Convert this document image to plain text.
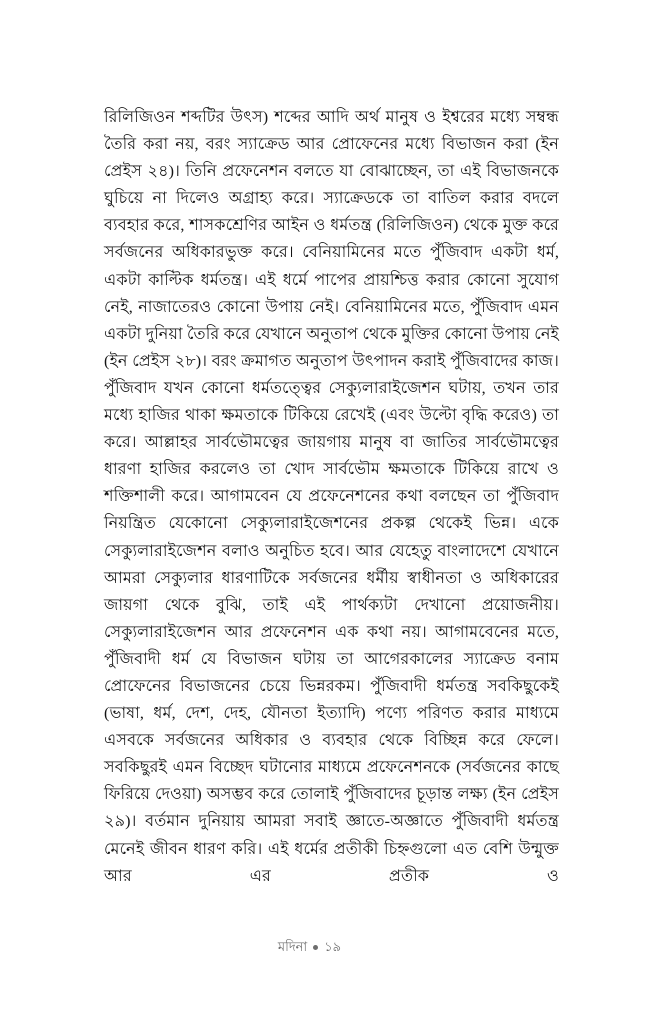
রিলিজিওন শব্দটির উৎস) শব্দের আদি অর্থ মানুষ ও ইশ্বরের মধ্যে সম্বন্ধ তৈরি করা নয়, বরং স্যাক্রেড আর প্রোফেনের মধ্যে বিভাজন করা (ইন প্রেইস ২৪)। তিনি প্রফেনেশন বলতে যা বোঝাচ্ছেন, তা এই বিভাজনকে ঘুচিয়ে না দিলেও অগ্রাহ্য করে। স্যাক্রেডকে তা বাতিল করার বদলে ব্যবহার করে, শাসকশ্রেণির আইন ও ধর্মতন্ত্র (রিলিজিওন) থেকে মুক্ত করে সর্বজনের অধিকারভুক্ত করে। বেনিয়ামিনের মতে পুঁজিবাদ একটা ধর্ম, একটা কাল্টিক ধর্মতন্ত্র। এই ধর্মে পাপের প্রায়শ্চিত্ত করার কোনো সুযোগ নেই, নাজাতেরও কোনো উপায় নেই। বেনিয়ামিনের মতে, পুঁজিবাদ এমন একটা দুনিয়া তৈরি করে যেখানে অনুতাপ থেকে মুক্তির কোনো উপায় নেই (ইন প্রেইস ২৮)। বরং ক্রমাগত অনুতাপ উৎপাদন করাই পুঁজিবাদের কাজ। পুঁজিবাদ যখন কোনো ধর্মতত্ত্বের সেক্যুলারাইজেশন ঘটায়, তখন তার মধ্যে হাজির থাকা ক্ষমতাকে টিকিয়ে রেখেই (এবং উল্টো বৃদ্ধি করেও) তা করে। আল্লাহর সার্বভৌমত্বের জায়গায় মানুষ বা জাতির সার্বভৌমত্বের ধারণা হাজির করলেও তা খোদ সার্বভৌম ক্ষমতাকে টিকিয়ে রাখে ও শক্তিশালী করে। আগামবেন যে প্রফেনেশনের কথা বলছেন তা পুঁজিবাদ নিয়ন্ত্রিত যেকোনো সেক্যুলারাইজেশনের প্রকল্প থেকেই ভিন্ন। একে সেক্যুলারাইজেশন বলাও অনুচিত হবে। আর যেহেতু বাংলাদেশে যেখানে আমরা সেক্যুলার ধারণাটিকে সর্বজনের ধর্মীয় স্বাধীনতা ও অধিকারের জায়গা থেকে বুঝি, তাই এই পার্থক্যটা দেখানো প্রয়োজনীয়। সেক্যুলারাইজেশন আর প্রফেনেশন এক কথা নয়। আগামবেনের মতে, পুঁজিবাদী ধর্ম যে বিভাজন ঘটায় তা আগেরকালের স্যাক্রেড বনাম প্রোফেনের বিভাজনের চেয়ে ভিন্নরকম। পুঁজিবাদী ধর্মতন্ত্র সবকিছুকেই (ভাষা, ধর্ম, দেশ, দেহ, যৌনতা ইত্যাদি) পণ্যে পরিণত করার মাধ্যমে এসবকে সর্বজনের অধিকার ও ব্যবহার থেকে বিচ্ছিন্ন করে ফেলে। সবকিছুরই এমন বিচ্ছেদ ঘটানোর মাধ্যমে প্রফেনেশনকে (সর্বজনের কাছে ফিরিয়ে দেওয়া) অসম্ভব করে তোলাই পুঁজিবাদের চূড়ান্ত লক্ষ্য (ইন প্রেইস ২৯)। বর্তমান দুনিয়ায় আমরা সবাই জ্ঞাতে-অজ্ঞাতে পুঁজিবাদী ধর্মতন্ত্র মেনেই জীবন ধারণ করি। এই ধর্মের প্রতীকী চিহ্নগুলো এত বেশি উন্মুক্ত আর এর প্রতীক ও

মদিনা ১৯
